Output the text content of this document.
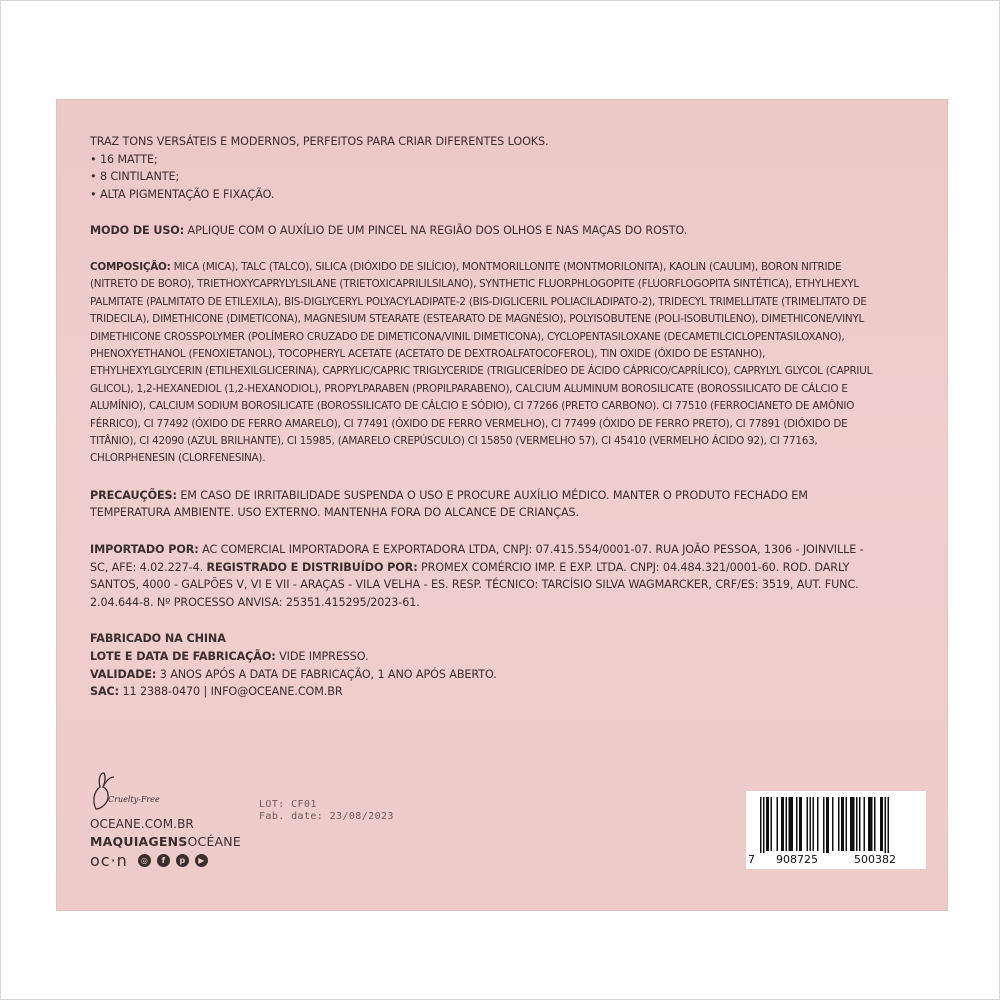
TRAZ TONS VERSÁTEIS E MODERNOS, PERFEITOS PARA CRIAR DIFERENTES LOOKS.
• 16 MATTE;
• 8 CINTILANTE;
• ALTA PIGMENTAÇÃO E FIXAÇÃO.
MODO DE USO: APLIQUE COM O AUXÍLIO DE UM PINCEL NA REGIÃO DOS OLHOS E NAS MAÇAS DO ROSTO.
COMPOSIÇÃO: MICA (MICA), TALC (TALCO), SILICA (DIÓXIDO DE SILÍCIO), MONTMORILLONITE (MONTMORILONITA), KAOLIN (CAULIM), BORON NITRIDE
(NITRETO DE BORO), TRIETHOXYCAPRYLYLSILANE (TRIETOXICAPRILILSILANO), SYNTHETIC FLUORPHLOGOPITE (FLUORFLOGOPITA SINTÉTICA), ETHYLHEXYL
PALMITATE (PALMITATO DE ETILEXILA), BIS-DIGLYCERYL POLYACYLADIPATE-2 (BIS-DIGLICERIL POLIACILADIPATO-2), TRIDECYL TRIMELLITATE (TRIMELITATO DE
TRIDECILA), DIMETHICONE (DIMETICONA), MAGNESIUM STEARATE (ESTEARATO DE MAGNÉSIO), POLYISOBUTENE (POLI-ISOBUTILENO), DIMETHICONE/VINYL
DIMETHICONE CROSSPOLYMER (POLÍMERO CRUZADO DE DIMETICONA/VINIL DIMETICONA), CYCLOPENTASILOXANE (DECAMETILCICLOPENTASILOXANO),
PHENOXYETHANOL (FENOXIETANOL), TOCOPHERYL ACETATE (ACETATO DE DEXTROALFATOCOFEROL), TIN OXIDE (ÓXIDO DE ESTANHO),
ETHYLHEXYLGLYCERIN (ETILHEXILGLICERINA), CAPRYLIC/CAPRIC TRIGLYCERIDE (TRIGLICERÍDEO DE ÁCIDO CÁPRICO/CAPRÍLICO), CAPRYLYL GLYCOL (CAPRIUL
GLICOL), 1,2-HEXANEDIOL (1,2-HEXANODIOL), PROPYLPARABEN (PROPILPARABENO), CALCIUM ALUMINUM BOROSILICATE (BOROSSILICATO DE CÁLCIO E
ALUMÍNIO), CALCIUM SODIUM BOROSILICATE (BOROSSILICATO DE CÁLCIO E SÓDIO), CI 77266 (PRETO CARBONO). CI 77510 (FERROCIANETO DE AMÔNIO
FÉRRICO), CI 77492 (ÓXIDO DE FERRO AMARELO), CI 77491 (ÓXIDO DE FERRO VERMELHO), CI 77499 (ÓXIDO DE FERRO PRETO), CI 77891 (DIÓXIDO DE
TITÂNIO), CI 42090 (AZUL BRILHANTE), CI 15985, (AMARELO CREPÚSCULO) CI 15850 (VERMELHO 57), CI 45410 (VERMELHO ÁCIDO 92), CI 77163,
CHLORPHENESIN (CLORFENESINA).
PRECAUÇÕES: EM CASO DE IRRITABILIDADE SUSPENDA O USO E PROCURE AUXÍLIO MÉDICO. MANTER O PRODUTO FECHADO EM
TEMPERATURA AMBIENTE. USO EXTERNO. MANTENHA FORA DO ALCANCE DE CRIANÇAS.
IMPORTADO POR: AC COMERCIAL IMPORTADORA E EXPORTADORA LTDA, CNPJ: 07.415.554/0001-07. RUA JOÃO PESSOA, 1306 - JOINVILLE -
SC, AFE: 4.02.227-4. REGISTRADO E DISTRIBUÍDO POR: PROMEX COMÉRCIO IMP. E EXP. LTDA. CNPJ: 04.484.321/0001-60. ROD. DARLY
SANTOS, 4000 - GALPÕES V, VI E VII - ARAÇAS - VILA VELHA - ES. RESP. TÉCNICO: TARCÍSIO SILVA WAGMARCKER, CRF/ES: 3519, AUT. FUNC.
2.04.644-8. Nº PROCESSO ANVISA: 25351.415295/2023-61.
FABRICADO NA CHINA
LOTE E DATA DE FABRICAÇÃO: VIDE IMPRESSO.
VALIDADE: 3 ANOS APÓS A DATA DE FABRICAÇÃO, 1 ANO APÓS ABERTO.
SAC: 11 2388-0470 | INFO@OCEANE.COM.BR
Cruelty-Free
OCEANE.COM.BR
MAQUIAGENSOCÉANE
oc·n	◎	f	p	▶
LOT: CF01
Fab. date: 23/08/2023
7 908725	500382
